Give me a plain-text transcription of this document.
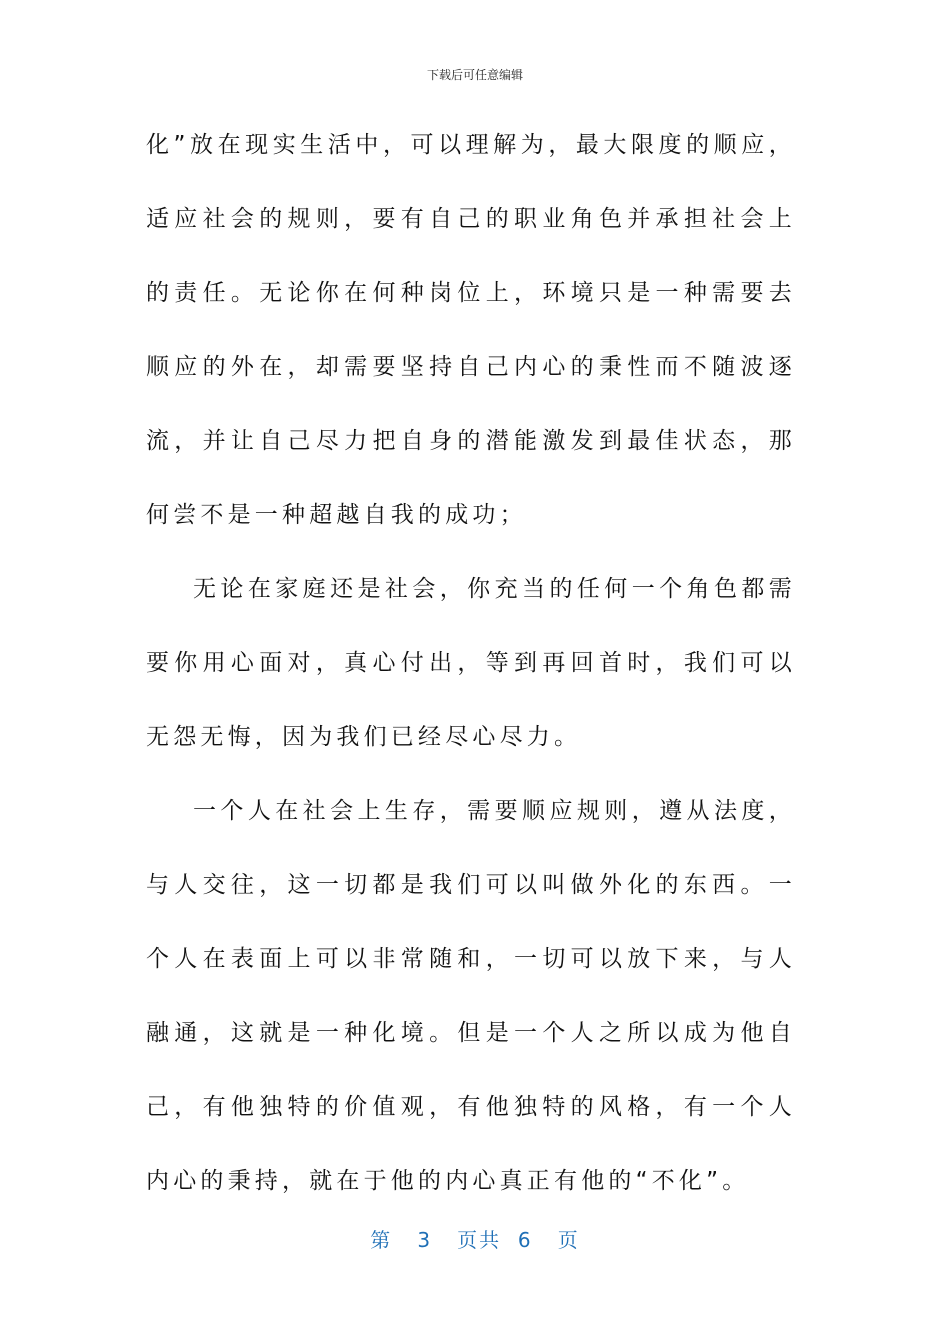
下载后可任意编辑

化”放在现实生活中，可以理解为，最大限度的顺应，适应社会的规则，要有自己的职业角色并承担社会上的责任。无论你在何种岗位上，环境只是一种需要去顺应的外在，却需要坚持自己内心的秉性而不随波逐流，并让自己尽力把自身的潜能激发到最佳状态，那何尝不是一种超越自我的成功；

无论在家庭还是社会，你充当的任何一个角色都需要你用心面对，真心付出，等到再回首时，我们可以无怨无悔，因为我们已经尽心尽力。

一个人在社会上生存，需要顺应规则，遵从法度，与人交往，这一切都是我们可以叫做外化的东西。一个人在表面上可以非常随和，一切可以放下来，与人融通，这就是一种化境。但是一个人之所以成为他自己，有他独特的价值观，有他独特的风格，有一个人内心的秉持，就在于他的内心真正有他的“不化”。

第 3 页共 6 页
